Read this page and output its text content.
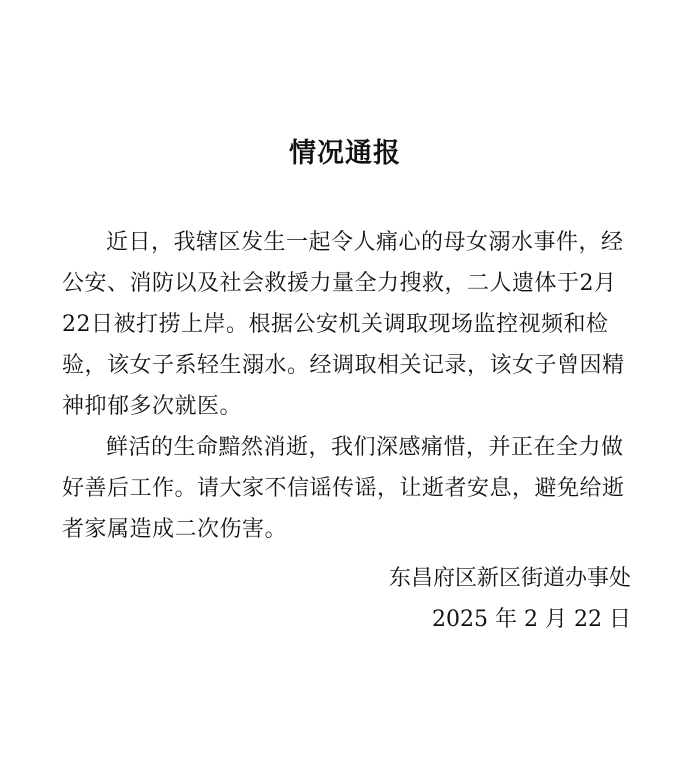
情况通报

近日，我辖区发生一起令人痛心的母女溺水事件，经公安、消防以及社会救援力量全力搜救，二人遗体于2月22日被打捞上岸。根据公安机关调取现场监控视频和检验，该女子系轻生溺水。经调取相关记录，该女子曾因精神抑郁多次就医。

鲜活的生命黯然消逝，我们深感痛惜，并正在全力做好善后工作。请大家不信谣传谣，让逝者安息，避免给逝者家属造成二次伤害。

东昌府区新区街道办事处
2025 年 2 月 22 日
